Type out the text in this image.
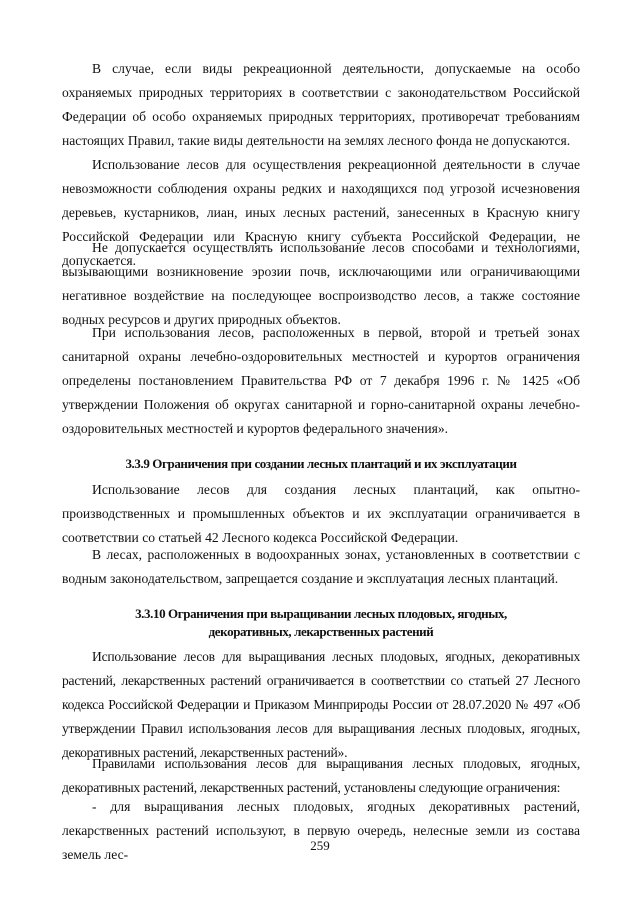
В случае, если виды рекреационной деятельности, допускаемые на особо охраняемых природных территориях в соответствии с законодательством Российской Федерации об особо охраняемых природных территориях, противоречат требованиям настоящих Правил, такие виды деятельности на землях лесного фонда не допускаются.

Использование лесов для осуществления рекреационной деятельности в случае невозможности соблюдения охраны редких и находящихся под угрозой исчезновения деревьев, кустарников, лиан, иных лесных растений, занесенных в Красную книгу Российской Федерации или Красную книгу субъекта Российской Федерации, не допускается.

Не допускается осуществлять использование лесов способами и технологиями, вызывающими возникновение эрозии почв, исключающими или ограничивающими негативное воздействие на последующее воспроизводство лесов, а также состояние водных ресурсов и других природных объектов.

При использования лесов, расположенных в первой, второй и третьей зонах санитарной охраны лечебно-оздоровительных местностей и курортов ограничения определены постановлением Правительства РФ от 7 декабря 1996 г. № 1425 «Об утверждении Положения об округах санитарной и горно-санитарной охраны лечебно-оздоровительных местностей и курортов федерального значения».

3.3.9 Ограничения при создании лесных плантаций и их эксплуатации

Использование лесов для создания лесных плантаций, как опытно-производственных и промышленных объектов и их эксплуатации ограничивается в соответствии со статьей 42 Лесного кодекса Российской Федерации.

В лесах, расположенных в водоохранных зонах, установленных в соответствии с водным законодательством, запрещается создание и эксплуатация лесных плантаций.

3.3.10 Ограничения при выращивании лесных плодовых, ягодных,
декоративных, лекарственных растений

Использование лесов для выращивания лесных плодовых, ягодных, декоративных растений, лекарственных растений ограничивается в соответствии со статьей 27 Лесного кодекса Российской Федерации и Приказом Минприроды России от 28.07.2020 № 497 «Об утверждении Правил использования лесов для выращивания лесных плодовых, ягодных, декоративных растений, лекарственных растений».

Правилами использования лесов для выращивания лесных плодовых, ягодных, декоративных растений, лекарственных растений, установлены следующие ограничения:

- для выращивания лесных плодовых, ягодных декоративных растений, лекарственных растений используют, в первую очередь, нелесные земли из состава земель лес-

259
